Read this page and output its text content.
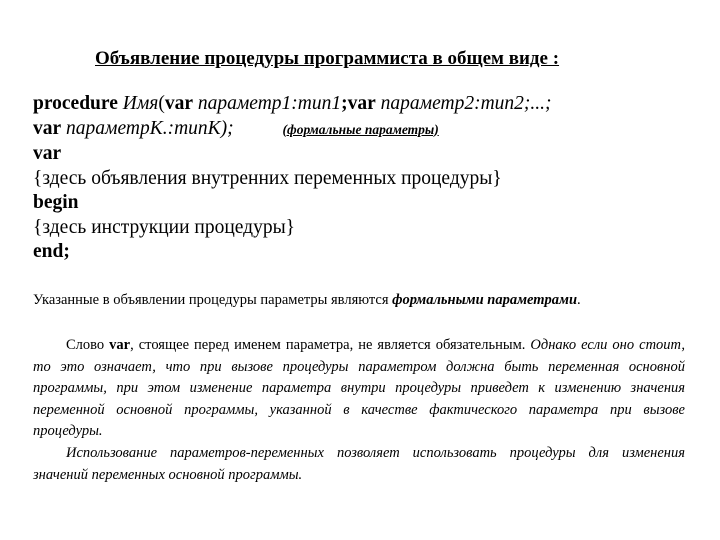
Объявление процедуры программиста в общем виде :
procedure Имя(var параметр1:тип1;var параметр2:тип2;...;
var параметрK.:типK);	(формальные параметры)
var
{здесь объявления внутренних переменных процедуры}
begin
{здесь инструкции процедуры}
end;
Указанные в объявлении процедуры параметры являются формальными параметрами.
Слово var, стоящее перед именем параметра, не является обязательным. Однако если оно стоит, то это означает, что при вызове процедуры параметром должна быть переменная основной программы, при этом изменение параметра внутри процедуры приведет к изменению значения переменной основной программы, указанной в качестве фактического параметра при вызове процедуры.
Использование параметров-переменных позволяет использовать процедуры для изменения значений переменных основной программы.
